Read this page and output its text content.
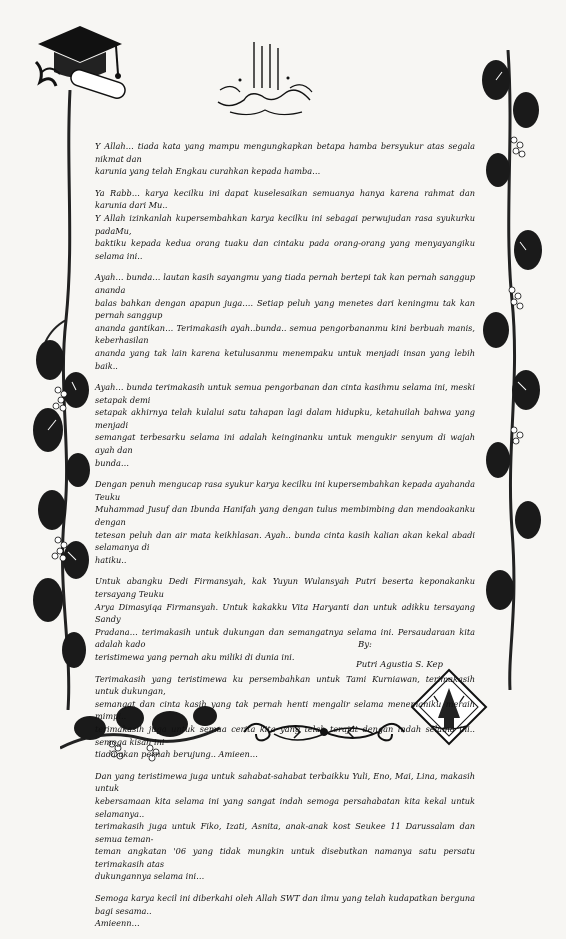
Y Allah… tiada kata yang mampu mengungkapkan betapa hamba bersyukur atas segala nikmat dan
karunia yang telah Engkau curahkan kepada hamba…

Ya Rabb… karya kecilku ini dapat kuselesaikan semuanya hanya karena rahmat dan karunia dari Mu..
Y Allah izinkanlah kupersembahkan karya kecilku ini sebagai perwujudan rasa syukurku padaMu,
baktiku kepada kedua orang tuaku dan cintaku pada orang-orang yang menyayangiku selama ini..

Ayah… bunda… lautan kasih sayangmu yang tiada pernah bertepi tak kan pernah sanggup ananda
balas bahkan dengan apapun juga…. Setiap peluh yang menetes dari keningmu tak kan pernah sanggup
ananda gantikan… Terimakasih ayah..bunda.. semua pengorbananmu kini berbuah manis, keberhasilan
ananda yang tak lain karena ketulusanmu menempaku untuk menjadi insan yang lebih baik..

Ayah… bunda terimakasih untuk semua pengorbanan dan cinta kasihmu selama ini, meski setapak demi
setapak akhirnya telah kulalui satu tahapan lagi dalam hidupku, ketahuilah bahwa yang menjadi
semangat terbesarku selama ini adalah keinginanku untuk mengukir senyum di wajah ayah dan
bunda…

Dengan penuh mengucap rasa syukur karya kecilku ini kupersembahkan kepada ayahanda Teuku
Muhammad Jusuf dan Ibunda Hanifah yang dengan tulus membimbing dan mendoakanku dengan
tetesan peluh dan air mata keikhlasan. Ayah.. bunda cinta kasih kalian akan kekal abadi selamanya di
hatiku..

Untuk abangku Dedi Firmansyah, kak Yuyun Wulansyah Putri beserta keponakanku tersayang Teuku
Arya Dimasyiqa Firmansyah. Untuk kakakku Vita Haryanti dan untuk adikku tersayang Sandy
Pradana… terimakasih untuk dukungan dan semangatnya selama ini. Persaudaraan kita adalah kado
teristimewa yang pernah aku miliki di dunia ini.

Terimakasih yang teristimewa ku persembahkan untuk Tami Kurniawan, terimakasih untuk dukungan,
semangat dan cinta kasih yang tak pernah henti mengalir selama menemaniku meraih mimpi..
terimakasih juga untuk semua cerita kita yang telah terajut dengan indah selama ini.. semoga kisah ini
tiada akan pernah berujung.. Amieen…

Dan yang teristimewa juga untuk sahabat-sahabat terbaikku Yuli, Eno, Mai, Lina, makasih untuk
kebersamaan kita selama ini yang sangat indah semoga persahabatan kita kekal untuk selamanya..
terimakasih juga untuk Fiko, Izati, Asnita, anak-anak kost Seukee 11 Darussalam dan semua teman-
teman angkatan '06 yang tidak mungkin untuk disebutkan namanya satu persatu terimakasih atas
dukungannya selama ini…

Semoga karya kecil ini diberkahi oleh Allah SWT dan ilmu yang telah kudapatkan berguna bagi sesama..
Amieenn…

By:
Putri Agustia S. Kep
